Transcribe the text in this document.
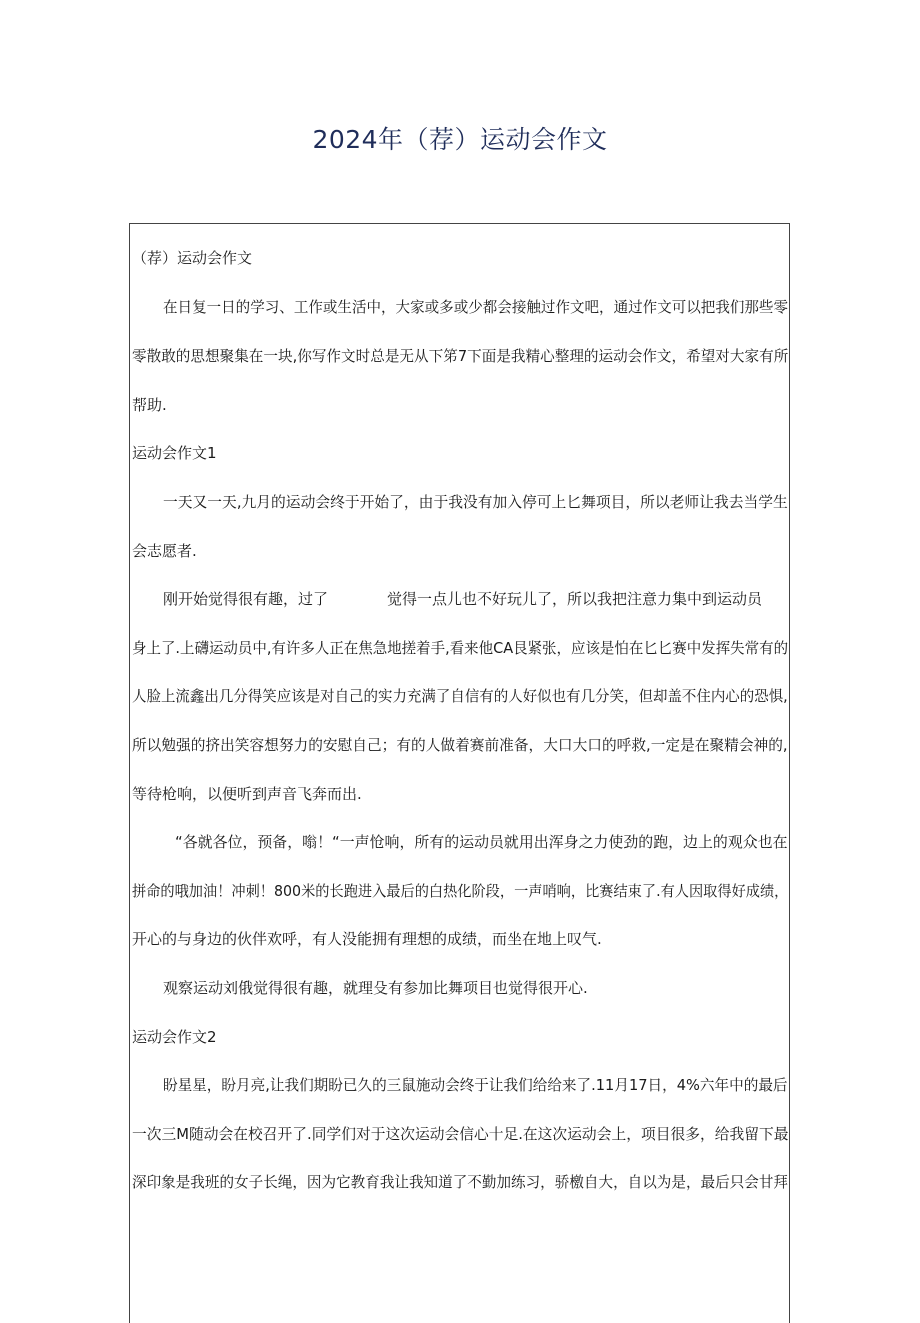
2024年（荐）运动会作文
（荐）运动会作文
在日复一日的学习、工作或生活中，大家或多或少都会接触过作文吧，通过作文可以把我们那些零
零散敢的思想聚集在一块,你写作文时总是无从下笫7下面是我精心整理的运动会作文，希望对大家有所
帮助.
运动会作文1
一天又一天,九月的运动会终于开始了，由于我没有加入停可上匕舞项目，所以老师让我去当学生
会志愿者.
刚开始觉得很有趣，过了	觉得一点儿也不好玩儿了，所以我把注意力集中到运动员
身上了.上礴运动员中,有许多人正在焦急地搓着手,看来他CA艮紧张，应该是怕在匕匕赛中发挥失常有的
人脸上流鑫出几分得笑应该是对自己的实力充满了自信有的人好似也有几分笑，但却盖不住内心的恐惧,
所以勉强的挤出笑容想努力的安慰自己；有的人做着赛前准备，大口大口的呼救,一定是在聚精会神的,
等待枪响，以便听到声音飞奔而出.
“各就各位，预备，嗡！“一声怆响，所有的运动员就用出浑身之力使劲的跑，边上的观众也在
拼命的哦加油！冲刺！800米的长跑进入最后的白热化阶段，一声哨响，比赛结束了.有人因取得好成绩，
开心的与身边的伙伴欢呼，有人没能拥有理想的成绩，而坐在地上叹气.
观察运动刘俄觉得很有趣，就理殳有参加比舞项目也觉得很开心.
运动会作文2
盼星星，盼月亮,让我们期盼已久的三鼠施动会终于让我们给给来了.11月17日，4%六年中的最后
一次三M随动会在校召开了.同学们对于这次运动会信心十足.在这次运动会上，项目很多，给我留下最
深印象是我班的女子长绳，因为它教育我让我知道了不勤加练习，骄檄自大，自以为是，最后只会甘拜
